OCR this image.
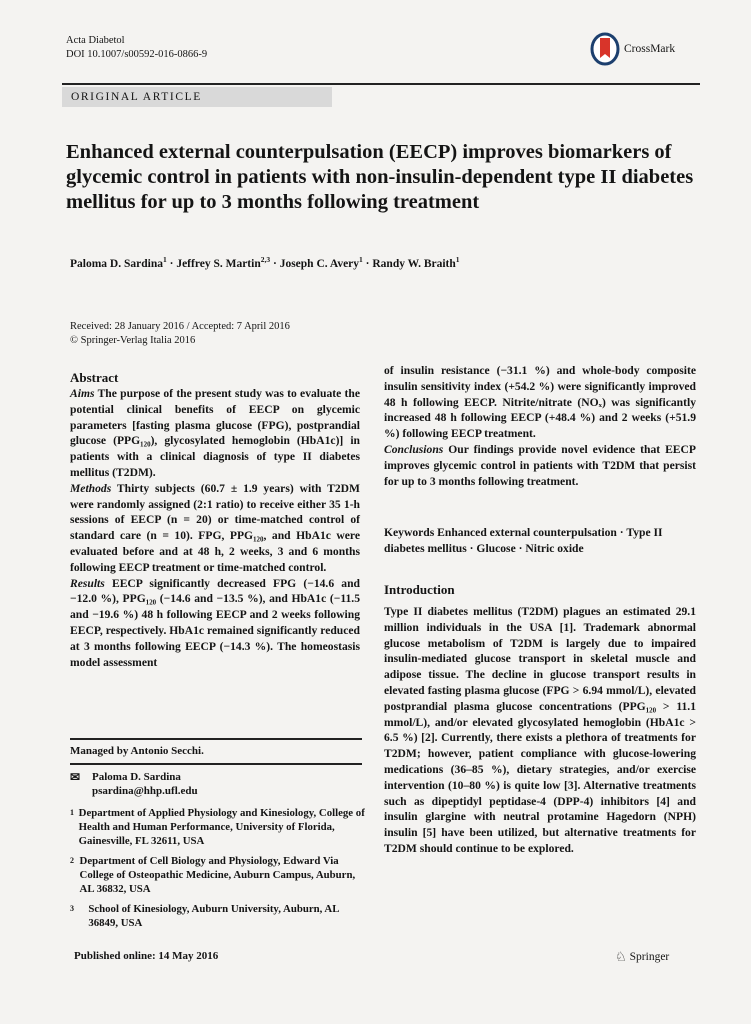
Acta Diabetol
DOI 10.1007/s00592-016-0866-9	CrossMark
ORIGINAL ARTICLE
Enhanced external counterpulsation (EECP) improves biomarkers of glycemic control in patients with non-insulin-dependent type II diabetes mellitus for up to 3 months following treatment
Paloma D. Sardina$^1$ · Jeffrey S. Martin$^{2,3}$ · Joseph C. Avery$^1$ · Randy W. Braith$^1$
Received: 28 January 2016 / Accepted: 7 April 2016
© Springer-Verlag Italia 2016
Abstract

Aims The purpose of the present study was to evaluate the potential clinical benefits of EECP on glycemic parameters [fasting plasma glucose (FPG), postprandial glucose (PPG₁₂₀), glycosylated hemoglobin (HbA1c)] in patients with a clinical diagnosis of type II diabetes mellitus (T2DM).

Methods Thirty subjects (60.7 ± 1.9 years) with T2DM were randomly assigned (2:1 ratio) to receive either 35 1-h sessions of EECP (n = 20) or time-matched control of standard care (n = 10). FPG, PPG₁₂₀, and HbA1c were evaluated before and at 48 h, 2 weeks, 3 and 6 months following EECP treatment or time-matched control.

Results EECP significantly decreased FPG (−14.6 and −12.0 %), PPG₁₂₀ (−14.6 and −13.5 %), and HbA1c (−11.5 and −19.6 %) 48 h following EECP and 2 weeks following EECP, respectively. HbA1c remained significantly reduced at 3 months following EECP (−14.3 %). The homeostasis model assessment

of insulin resistance (−31.1 %) and whole-body composite insulin sensitivity index (+54.2 %) were significantly improved 48 h following EECP. Nitrite/nitrate (NOₓ) was significantly increased 48 h following EECP (+48.4 %) and 2 weeks (+51.9 %) following EECP treatment.

Conclusions Our findings provide novel evidence that EECP improves glycemic control in patients with T2DM that persist for up to 3 months following treatment.

Keywords Enhanced external counterpulsation · Type II diabetes mellitus · Glucose · Nitric oxide
Introduction

Type II diabetes mellitus (T2DM) plagues an estimated 29.1 million individuals in the USA [1]. Trademark abnormal glucose metabolism of T2DM is largely due to impaired insulin-mediated glucose transport in skeletal muscle and adipose tissue. The decline in glucose transport results in elevated fasting plasma glucose (FPG > 6.94 mmol/L), elevated postprandial plasma glucose concentrations (PPG₁₂₀ > 11.1 mmol/L), and/or elevated glycosylated hemoglobin (HbA1c > 6.5 %) [2]. Currently, there exists a plethora of treatments for T2DM; however, patient compliance with glucose-lowering medications (36–85 %), dietary strategies, and/or exercise intervention (10–80 %) is quite low [3]. Alternative treatments such as dipeptidyl peptidase-4 (DPP-4) inhibitors [4] and insulin glargine with neutral protamine Hagedorn (NPH) insulin [5] have been utilized, but alternative treatments for T2DM should continue to be explored.

Managed by Antonio Secchi.
✉	Paloma D. Sardina
psardina@hhp.ufl.edu
1 Department of Applied Physiology and Kinesiology, College of Health and Human Performance, University of Florida, Gainesville, FL 32611, USA
2 Department of Cell Biology and Physiology, Edward Via College of Osteopathic Medicine, Auburn Campus, Auburn, AL 36832, USA
3	School of Kinesiology, Auburn University, Auburn, AL 36849, USA
Published online: 14 May 2016	♘ Springer
